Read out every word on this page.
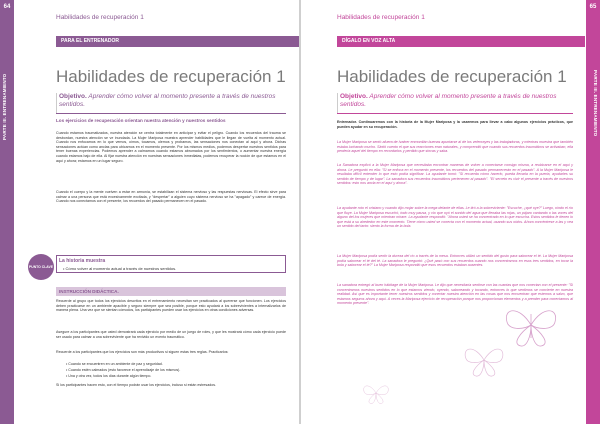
64
PARTE III. ENTRENAMIENTO
Habilidades de recuperación 1
PARA EL ENTRENADOR
Habilidades de recuperación 1
Objetivo. Aprender cómo volver al momento presente a través de nuestros sentidos.
Los ejercicios de recuperación orientan nuestra atención y nuestros sentidos
Cuando estamos traumatizados, nuestra atención se centra totalmente en anticipar y evitar el peligro. Cuando los recuerdos del trauma se desbordan, nuestra atención se ve inundada. La Mujer Mariposa muestra aprender habilidades que le llegan de vuelta al momento actual. Cuando nos enfocamos en lo que vemos, oímos, tocamos, olemos y probamos, las sensaciones nos conectan al aquí y ahora. Dichas sensaciones actúan como anclas para ubicarnos en el momento presente. Por los mismos medios, podemos despertar nuestros sentidos para tener buenas experiencias. Podemos aprender a calmarnos cuando estamos abrumados por los sentimientos, o aumentar nuestra energía cuando estamos bajo de ella. Al fijar nuestra atención en nuestras sensaciones inmediatas, podemos recuperar la noción de que estamos en el aquí y ahora; estamos en un lugar seguro.
Cuando el cuerpo y la mente vuelven a estar en armonía, se estabilizan el sistema nervioso y las respuestas nerviosas. El efecto sirve para calmar a una persona que está excesivamente excitada, y "despertar" a alguien cuyo sistema nervioso se ha "apagado" y carece de energía. Cuando nos conectamos con el presente, los recuerdos del pasado permanecen en el pasado.
PUNTO CLAVE
La historia muestra
• Cómo volver al momento actual a través de nuestros sentidos.
INSTRUCCIÓN DIDÁCTICA.
Recuerde al grupo que todos los ejercicios descritos en el entrenamiento necesitan ser practicados al quererse que funcionen. Los ejercicios deben practicarse en un ambiente apacible y seguro siempre que sea posible, porque esto ayudará a los sobrevivientes a internalizarlos de manera plena. Una vez que se sientan cómodos, los participantes pueden usar los ejercicios en otras condiciones adversas.
Asegure a los participantes que usted demostrará cada ejercicio por medio de un juego de roles, y que les mostrará cómo cada ejercicio puede ser usado para calmar a una sobreviviente que ha revivido un evento traumático.
Recuerde a los participantes que los ejercicios son más productivos si siguen estas tres reglas. Practicarlos:
• Cuando se encuentren en un ambiente de paz y seguridad.
• Cuando estén calmados (esto favorece el aprendizaje de los mismos).
• Una y otra vez, todos los días durante algún tiempo.
Si los participantes hacen esto, con el tiempo podrán usar los ejercicios, incluso si están estresados.
65
PARTE III. ENTRENAMIENTO
Habilidades de recuperación 1
DÍGALO EN VOZ ALTA
Habilidades de recuperación 1
Objetivo. Aprender cómo volver al momento presente a través de nuestros sentidos.
Entrenador. Continuaremos con la historia de la Mujer Mariposa y la usaremos para llevar a cabo algunos ejercicios prácticos, que pueden ayudar en su recuperación.
La Mujer Mariposa se sentó afuera de Ivalner enmordián buenas apuntarse al de los velenrayes y las trabajadoras, y mientras muestra que también estaba luchando mucho. Sintió cuento el que sus reacciones eran naturales, y comprendió que cuando sus recuerdos traumáticos se activaban, ella perdería aquel del tiempo en recordarlos y perdido que sincas y saba.
La Sanadora explicó a la Mujer Mariposa que necesitaba encontrar maneras de volver a conectarse consigo misma, a reubicarse en el aquí y ahora. Le preguntó en ella: "Si se enfoca en el momento presente, los recuerdos del pasado permanecerán en el pasado". A la Mujer Mariposa le resultaba difícil entender lo que esto podía significar. La ayudante tomó: "Si recuerda cómo hacerlo, pueda llevarla en la puerta, ayudarles su sentido de tiempo y de lugar". La sanadora sus recuerdos traumáticos pertenecen al pasado". "El secreto es vivir el presente a través de nuestros sentidos: esto nos ancla en el aquí y ahora".
La ayudante roto el cristano y cuando dijo mojar sobre la mega delante de ellas. Le tiró a la sobreviviente: "Escuche, ¿qué oye?" Luego, oíndo el río que fluye. La Mujer Mariposa escuchó, todo muy pausa, y vio que oyó el sonido del agua que llenaba las rojas, un pájaro cantando o las voces del alguno del los mujeres que mientran mirare. La ayudante respondió: "Ahora usted se ha concentrado en lo que escucha. Estos sentidos le tienen lo que está a su alrededor en este momento. Tiene cómo usted se conecta con el momento actual, usando sus oídos. Ahora concéntrese a las y vea un sentido del tacto: siento la forma de la bola.
La Mujer Mariposa podía sentir la dureza del río a través de la mesa. Entonces utilizó un sentido del gusto para saborear el té. La Mujer Mariposa podía saborear el té del té. La sanadora le preguntó: ¿Qué pasó con sus recuerdos cuando nos concentramos en esos tres sentidos, en tocar la bola y saborear el té?" La Mujer Mariposa respondió que esos recuerdos estaban ausentes.
La sanadora entregó al buen hábitage de la Mujer Mariposa. Le dijo que necesitaría sentirse con las cuantas que nos conectan con el presente: "Si concentramos nuestros sentidos en lo que estamos viendo, oyendo, saboreando y tocando, entonces lo que sentimos se convierte en nuestra realidad. Así que es importante tener nuestros sentidos y conectar nuestra atención en las cosas que nos encuentran que estemos a salvo, que estamos seguros ahora y aquí. A veces la Mariposa ejercicio de recuperación porque nos proporcionan elementos y a prender para conectarnos al momento presente".
